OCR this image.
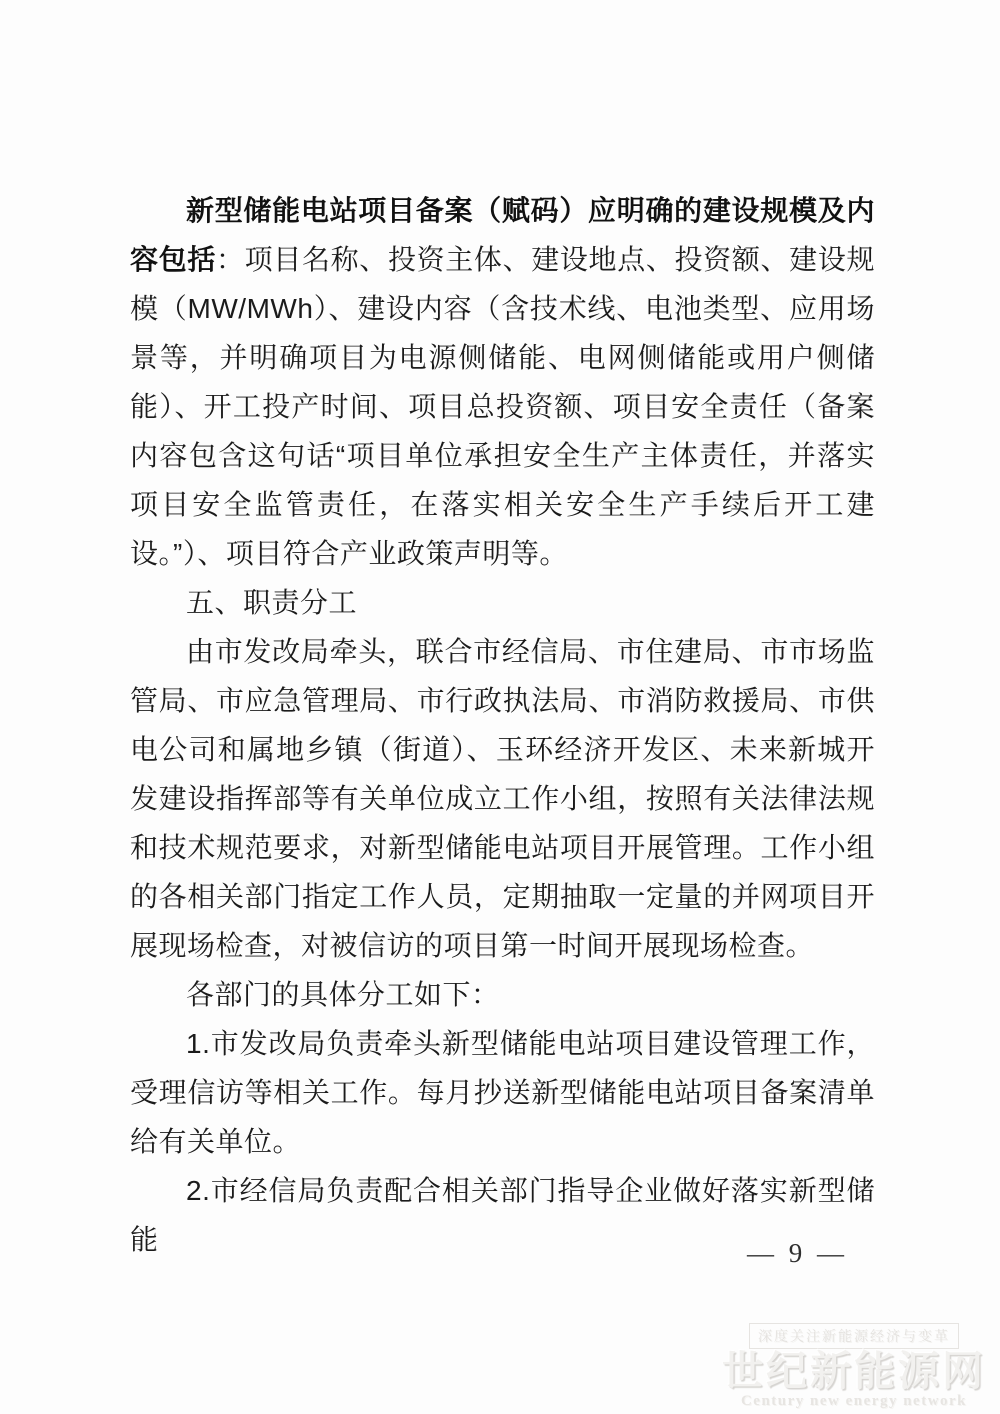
新型储能电站项目备案（赋码）应明确的建设规模及内容包括：项目名称、投资主体、建设地点、投资额、建设规模（MW/MWh）、建设内容（含技术线、电池类型、应用场景等，并明确项目为电源侧储能、电网侧储能或用户侧储能）、开工投产时间、项目总投资额、项目安全责任（备案内容包含这句话“项目单位承担安全生产主体责任，并落实项目安全监管责任，在落实相关安全生产手续后开工建设。”）、项目符合产业政策声明等。

五、职责分工

由市发改局牵头，联合市经信局、市住建局、市市场监管局、市应急管理局、市行政执法局、市消防救援局、市供电公司和属地乡镇（街道）、玉环经济开发区、未来新城开发建设指挥部等有关单位成立工作小组，按照有关法律法规和技术规范要求，对新型储能电站项目开展管理。工作小组的各相关部门指定工作人员，定期抽取一定量的并网项目开展现场检查，对被信访的项目第一时间开展现场检查。

各部门的具体分工如下：

1.市发改局负责牵头新型储能电站项目建设管理工作，受理信访等相关工作。每月抄送新型储能电站项目备案清单给有关单位。

2.市经信局负责配合相关部门指导企业做好落实新型储能	— 9 —
深度关注新能源经济与变革
世纪新能源网
Century new energy network
